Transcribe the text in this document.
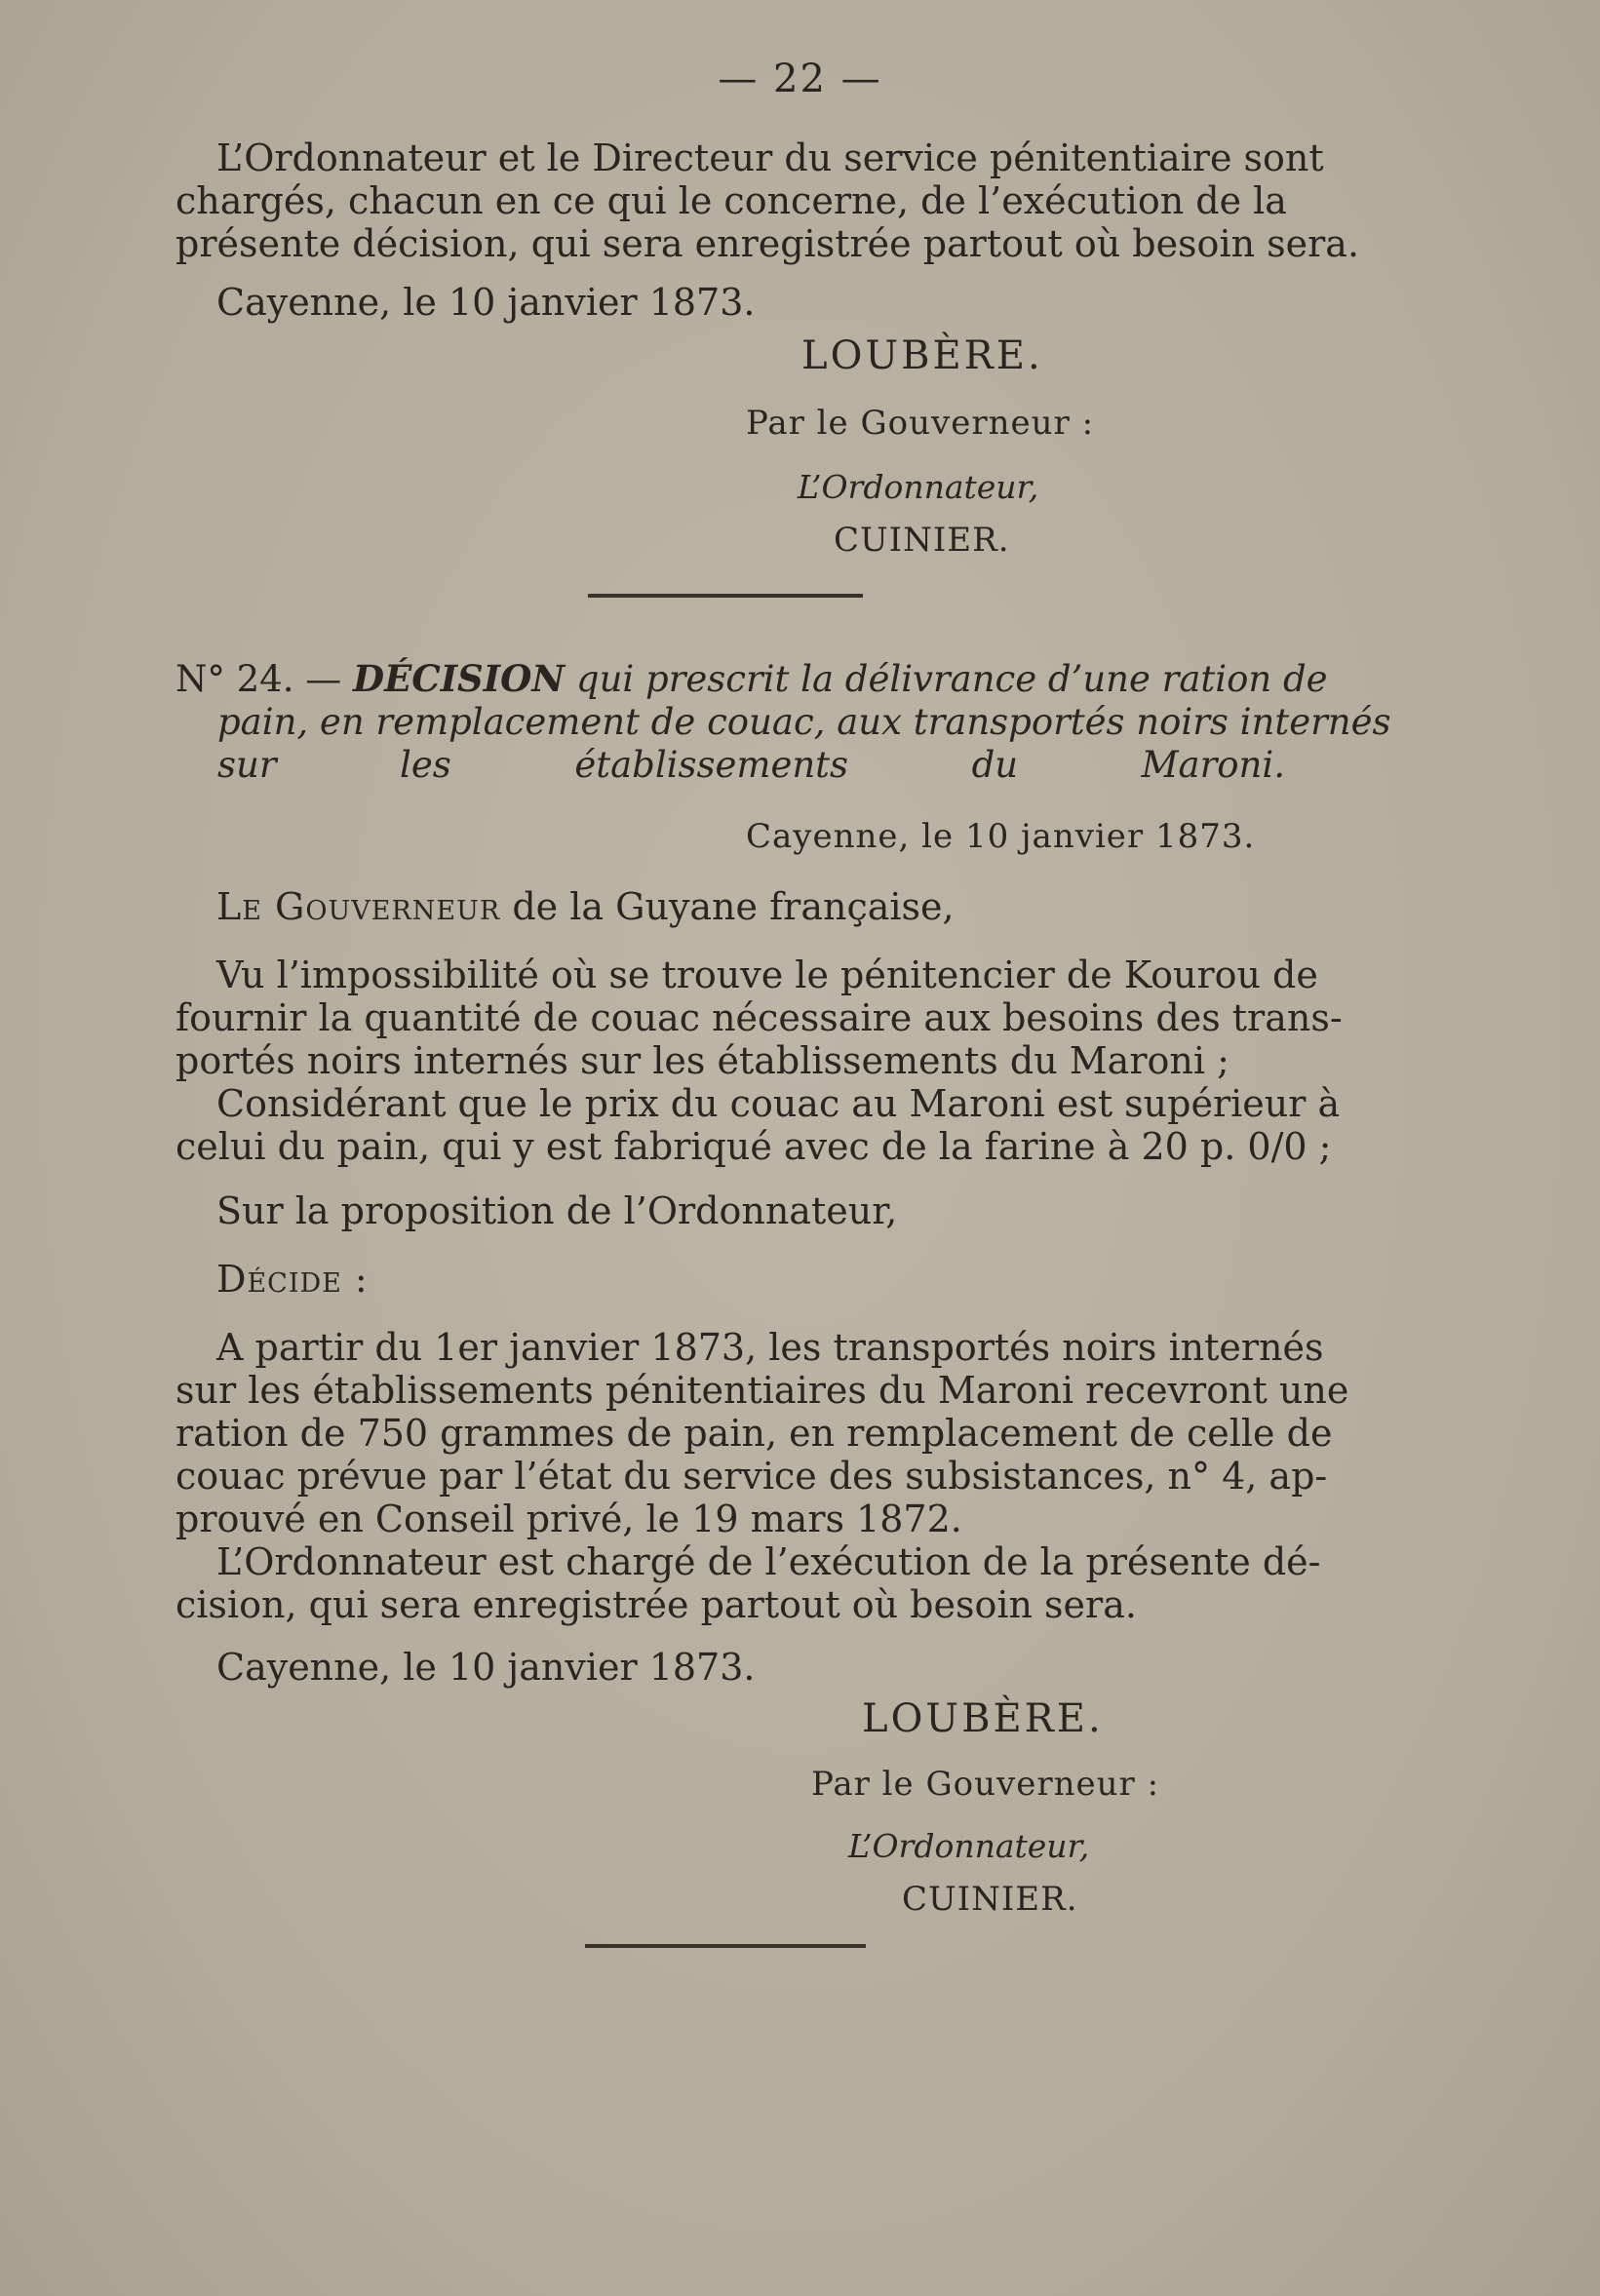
— 22 —
L’Ordonnateur et le Directeur du service pénitentiaire sont
chargés, chacun en ce qui le concerne, de l’exécution de la
présente décision, qui sera enregistrée partout où besoin sera.
Cayenne, le 10 janvier 1873.
LOUBÈRE.
Par le Gouverneur :
L’Ordonnateur,
CUINIER.
N° 24. — DÉCISION qui prescrit la délivrance d’une ration de
pain, en remplacement de couac, aux transportés noirs internés
sur les établissements du Maroni.
Cayenne, le 10 janvier 1873.
Le Gouverneur de la Guyane française,
Vu l’impossibilité où se trouve le pénitencier de Kourou de
fournir la quantité de couac nécessaire aux besoins des trans-
portés noirs internés sur les établissements du Maroni ;
Considérant que le prix du couac au Maroni est supérieur à
celui du pain, qui y est fabriqué avec de la farine à 20 p. 0/0 ;
Sur la proposition de l’Ordonnateur,
Décide :
A partir du 1er janvier 1873, les transportés noirs internés
sur les établissements pénitentiaires du Maroni recevront une
ration de 750 grammes de pain, en remplacement de celle de
couac prévue par l’état du service des subsistances, n° 4, ap-
prouvé en Conseil privé, le 19 mars 1872.
L’Ordonnateur est chargé de l’exécution de la présente dé-
cision, qui sera enregistrée partout où besoin sera.
Cayenne, le 10 janvier 1873.
LOUBÈRE.
Par le Gouverneur :
L’Ordonnateur,
CUINIER.
